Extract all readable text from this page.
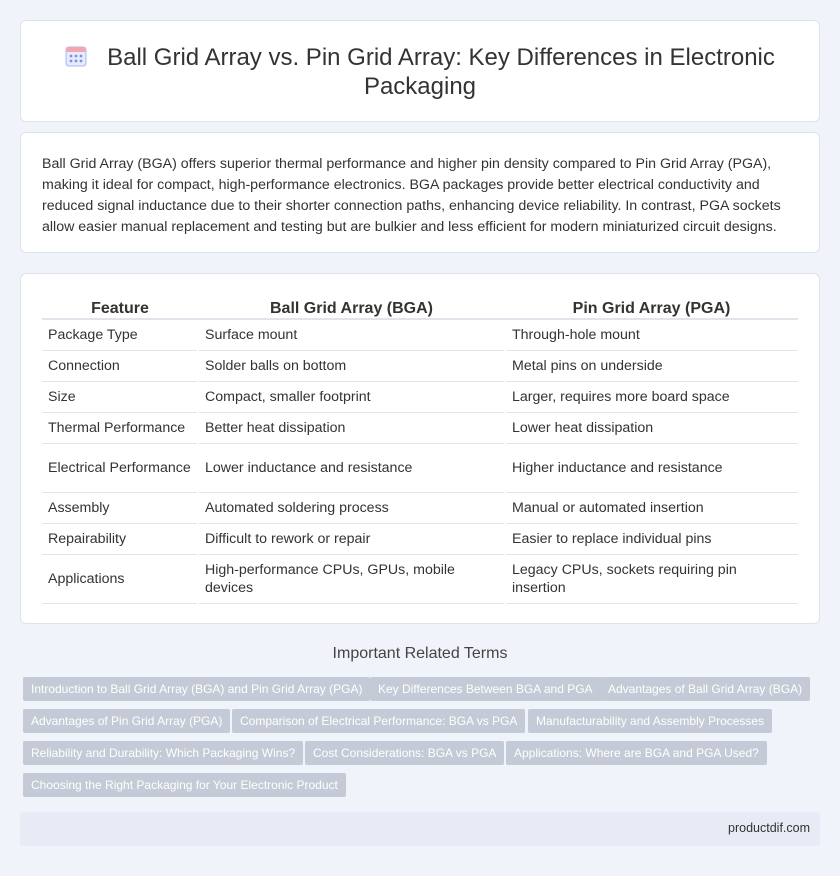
Ball Grid Array vs. Pin Grid Array: Key Differences in Electronic Packaging

Ball Grid Array (BGA) offers superior thermal performance and higher pin density compared to Pin Grid Array (PGA), making it ideal for compact, high-performance electronics. BGA packages provide better electrical conductivity and reduced signal inductance due to their shorter connection paths, enhancing device reliability. In contrast, PGA sockets allow easier manual replacement and testing but are bulkier and less efficient for modern miniaturized circuit designs.

Feature	Ball Grid Array (BGA)	Pin Grid Array (PGA)
Package Type	Surface mount	Through-hole mount
Connection	Solder balls on bottom	Metal pins on underside
Size	Compact, smaller footprint	Larger, requires more board space
Thermal Performance	Better heat dissipation	Lower heat dissipation
Electrical Performance	Lower inductance and resistance	Higher inductance and resistance
Assembly	Automated soldering process	Manual or automated insertion
Repairability	Difficult to rework or repair	Easier to replace individual pins
Applications	High-performance CPUs, GPUs, mobile devices	Legacy CPUs, sockets requiring pin insertion
Important Related Terms
Introduction to Ball Grid Array (BGA) and Pin Grid Array (PGA)	Key Differences Between BGA and PGA	Advantages of Ball Grid Array (BGA)
Advantages of Pin Grid Array (PGA)	Comparison of Electrical Performance: BGA vs PGA	Manufacturability and Assembly Processes
Reliability and Durability: Which Packaging Wins?	Cost Considerations: BGA vs PGA	Applications: Where are BGA and PGA Used?
Choosing the Right Packaging for Your Electronic Product
productdif.com
